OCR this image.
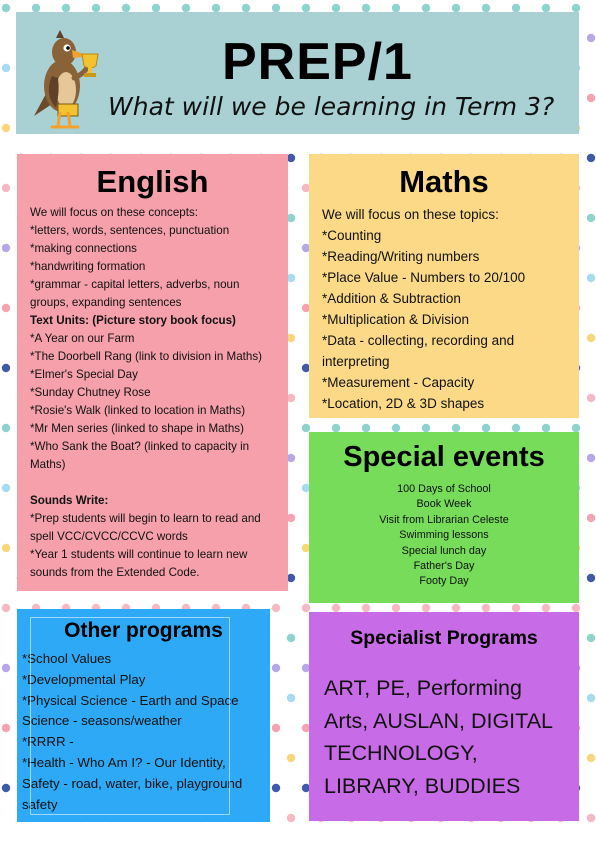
PREP/1
What will we be learning in Term 3?
English
We will focus on these concepts:
*letters, words, sentences, punctuation
*making connections
*handwriting formation
*grammar - capital letters, adverbs, noun groups, expanding sentences
Text Units: (Picture story book focus)
*A Year on our Farm
*The Doorbell Rang (link to division in Maths)
*Elmer's Special Day
*Sunday Chutney Rose
*Rosie's Walk (linked to location in Maths)
*Mr Men series (linked to shape in Maths)
*Who Sank the Boat? (linked to capacity in Maths)
Sounds Write:
*Prep students will begin to learn to read and spell VCC/CVCC/CCVC words
*Year 1 students will continue to learn new sounds from the Extended Code.
Maths
We will focus on these topics:
*Counting
*Reading/Writing numbers
*Place Value - Numbers to 20/100
*Addition & Subtraction
*Multiplication & Division
*Data - collecting, recording and interpreting
*Measurement - Capacity
*Location, 2D & 3D shapes
Special events
100 Days of School
Book Week
Visit from Librarian Celeste
Swimming lessons
Special lunch day
Father's Day
Footy Day
Other programs
*School Values
*Developmental Play
*Physical Science - Earth and Space Science - seasons/weather
*RRRR -
*Health - Who Am I? - Our Identity, Safety - road, water, bike, playground safety
Specialist Programs
ART, PE, Performing Arts, AUSLAN, DIGITAL TECHNOLOGY, LIBRARY, BUDDIES
